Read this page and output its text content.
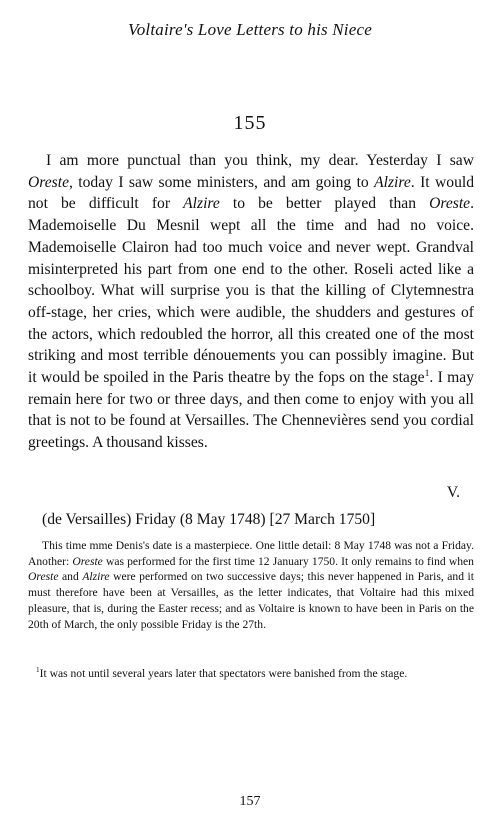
Voltaire's Love Letters to his Niece
155

I am more punctual than you think, my dear. Yesterday I saw Oreste, today I saw some ministers, and am going to Alzire. It would not be difficult for Alzire to be better played than Oreste. Mademoiselle Du Mesnil wept all the time and had no voice. Mademoiselle Clairon had too much voice and never wept. Grandval misinterpreted his part from one end to the other. Roseli acted like a schoolboy. What will surprise you is that the killing of Clytemnestra off-stage, her cries, which were audible, the shudders and gestures of the actors, which redoubled the horror, all this created one of the most striking and most terrible dénouements you can possibly imagine. But it would be spoiled in the Paris theatre by the fops on the stage$^1$. I may remain here for two or three days, and then come to enjoy with you all that is not to be found at Versailles. The Chennevières send you cordial greetings. A thousand kisses.

V.
(de Versailles) Friday (8 May 1748) [27 March 1750]

This time mme Denis's date is a masterpiece. One little detail: 8 May 1748 was not a Friday. Another: Oreste was performed for the first time 12 January 1750. It only remains to find when Oreste and Alzire were performed on two successive days; this never happened in Paris, and it must therefore have been at Versailles, as the letter indicates, that Voltaire had this mixed pleasure, that is, during the Easter recess; and as Voltaire is known to have been in Paris on the 20th of March, the only possible Friday is the 27th.

$^1$It was not until several years later that spectators were banished from the stage.

157
